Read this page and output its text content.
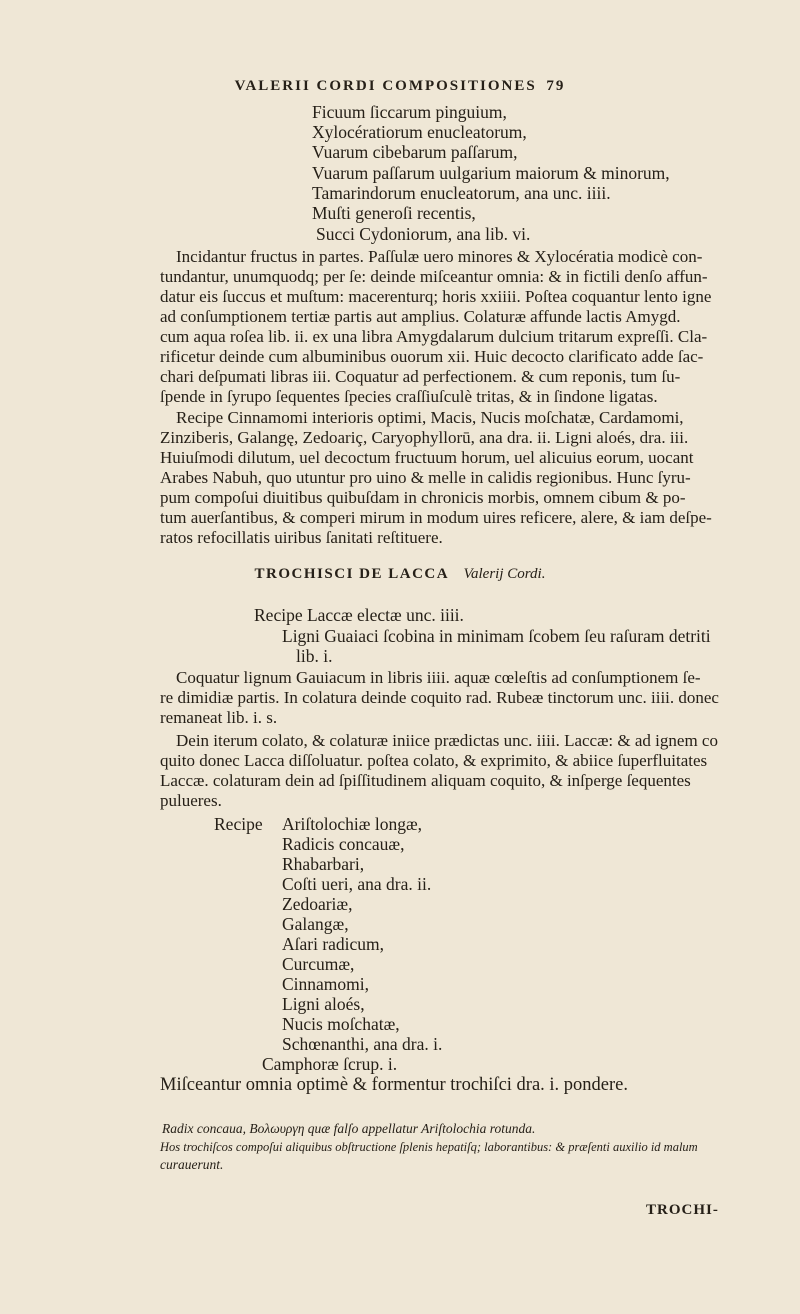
VALERII CORDI COMPOSITIONES 79
Ficuum ſiccarum pinguium,
Xylocératiorum enucleatorum,
Vuarum cibebarum paſſarum,
Vuarum paſſarum uulgarium maiorum & minorum,
Tamarindorum enucleatorum, ana unc. iiii.
Muſti generoſi recentis,
Succi Cydoniorum, ana lib. vi.
Incidantur fructus in partes. Paſſulæ uero minores & Xylocératia modicè con-
tundantur, unumquodq; per ſe: deinde miſceantur omnia: & in fictili denſo affun-
datur eis ſuccus et muſtum: macerenturq; horis xxiiii. Poſtea coquantur lento igne
ad conſumptionem tertiæ partis aut amplius. Colaturæ affunde lactis Amygd.
cum aqua roſea lib. ii. ex una libra Amygdalarum dulcium tritarum expreſſi. Cla-
rificetur deinde cum albuminibus ouorum xii. Huic decocto clarificato adde ſac-
chari deſpumati libras iii. Coquatur ad perfectionem. & cum reponis, tum ſu-
ſpende in ſyrupo ſequentes ſpecies craſſiuſculè tritas, & in ſindone ligatas.
Recipe Cinnamomi interioris optimi, Macis, Nucis moſchatæ, Cardamomi,
Zinziberis, Galangę, Zedoariç, Caryophyllorū, ana dra. ii. Ligni aloés, dra. iii.
Huiuſmodi dilutum, uel decoctum fructuum horum, uel alicuius eorum, uocant
Arabes Nabuh, quo utuntur pro uino & melle in calidis regionibus. Hunc ſyru-
pum compoſui diuitibus quibuſdam in chronicis morbis, omnem cibum & po-
tum auerſantibus, & comperi mirum in modum uires reficere, alere, & iam deſpe-
ratos refocillatis uiribus ſanitati reſtituere.
TROCHISCI DE LACCA Valerij Cordi.
Recipe Laccæ electæ unc. iiii.
Ligni Guaiaci ſcobina in minimam ſcobem ſeu raſuram detriti
lib. i.
Coquatur lignum Gauiacum in libris iiii. aquæ cœleſtis ad conſumptionem ſe-
re dimidiæ partis. In colatura deinde coquito rad. Rubeæ tinctorum unc. iiii. donec
remaneat lib. i. s.
Dein iterum colato, & colaturæ iniice prædictas unc. iiii. Laccæ: & ad ignem co
quito donec Lacca diſſoluatur. poſtea colato, & exprimito, & abiice ſuperfluitates
Laccæ. colaturam dein ad ſpiſſitudinem aliquam coquito, & inſperge ſequentes
pulueres.
Recipe Ariſtolochiæ longæ,
Radicis concauæ,
Rhabarbari,
Coſti ueri, ana dra. ii.
Zedoariæ,
Galangæ,
Aſari radicum,
Curcumæ,
Cinnamomi,
Ligni aloés,
Nucis moſchatæ,
Schœnanthi, ana dra. i.
Camphoræ ſcrup. i.
Miſceantur omnia optimè & formentur trochiſci dra. i. pondere.
Radix concaua, Βολωυργη quæ falſo appellatur Ariſtolochia rotunda.
Hos trochiſcos compoſui aliquibus obſtructione ſplenis hepatiſq; laborantibus: & præſenti auxilio id malum
curauerunt.
TROCHI-
